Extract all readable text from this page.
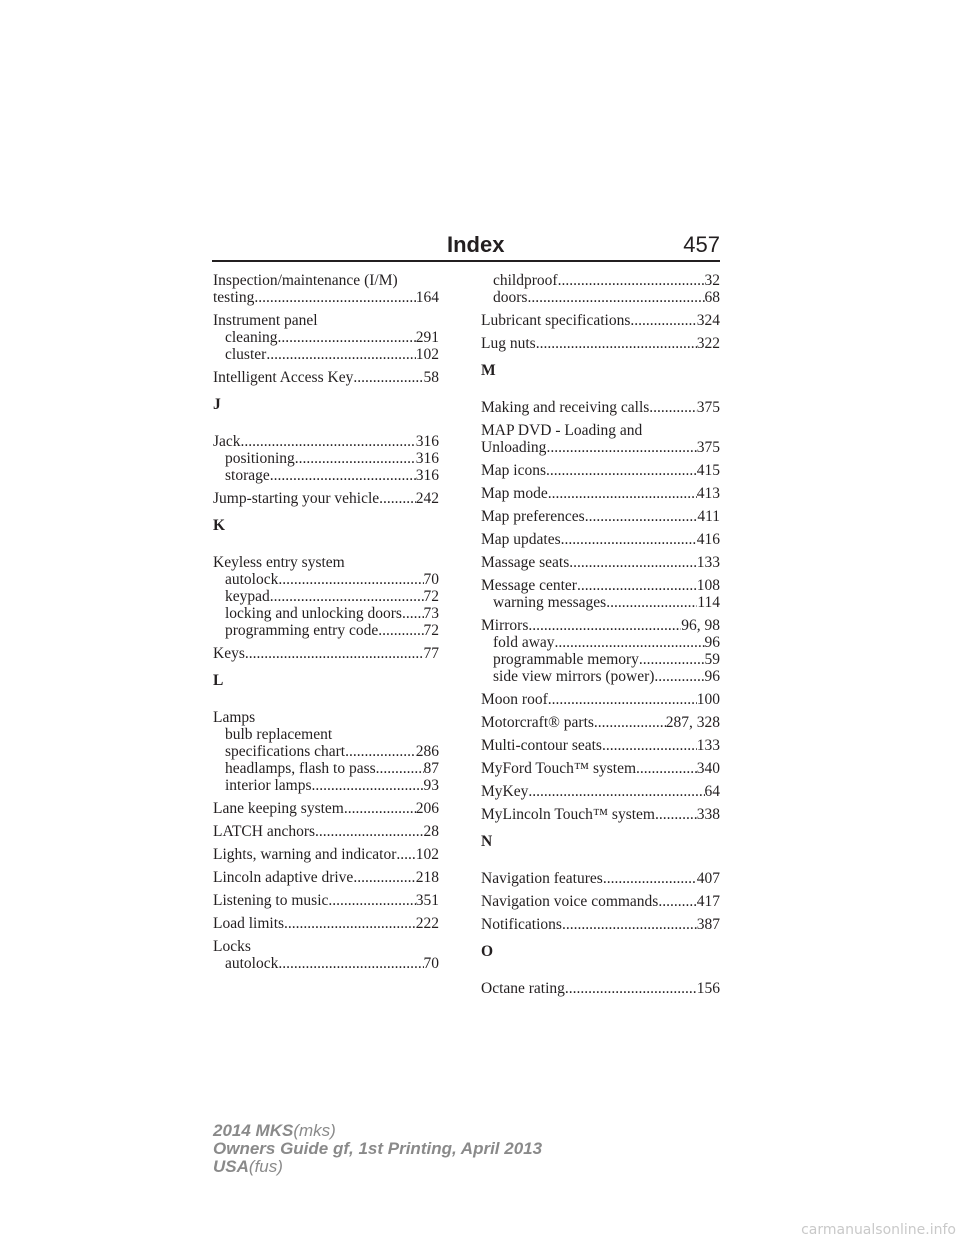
Index	457
Inspection/maintenance (I/M)
testing .....	164
Instrument panel
cleaning .....	291
cluster .....	102
Intelligent Access Key .....	58
J
Jack .....	316
positioning .....	316
storage .....	316
Jump-starting your vehicle ..... 242
K
Keyless entry system
autolock .....	70
keypad .....	72
locking and unlocking doors ..... 73
programming entry code .....	72
Keys .....	77
L
Lamps
bulb replacement
specifications chart .....	286
headlamps, flash to pass .....	87
interior lamps .....	93
Lane keeping system .....	206
LATCH anchors .....	28
Lights, warning and indicator ..... 102
Lincoln adaptive drive .....	218
Listening to music .....	351
Load limits .....	222
Locks
autolock .....	70
childproof .....	32
doors .....	68
Lubricant specifications .....	324
Lug nuts .....	322
M
Making and receiving calls .....	375
MAP DVD - Loading and
Unloading .....	375
Map icons .....	415
Map mode .....	413
Map preferences .....	411
Map updates .....	416
Massage seats .....	133
Message center .....	108
warning messages .....	114
Mirrors .....	96, 98
fold away .....	96
programmable memory .....	59
side view mirrors (power) .....	96
Moon roof .....	100
Motorcraft® parts .....	287, 328
Multi-contour seats .....	133
MyFord Touch™ system .....	340
MyKey .....	64
MyLincoln Touch™ system .....	338
N
Navigation features .....	407
Navigation voice commands ..... 417
Notifications .....	387
O
Octane rating .....	156
2014 MKS(mks)
Owners Guide gf, 1st Printing, April 2013
USA(fus)
carmanualsonline.info
